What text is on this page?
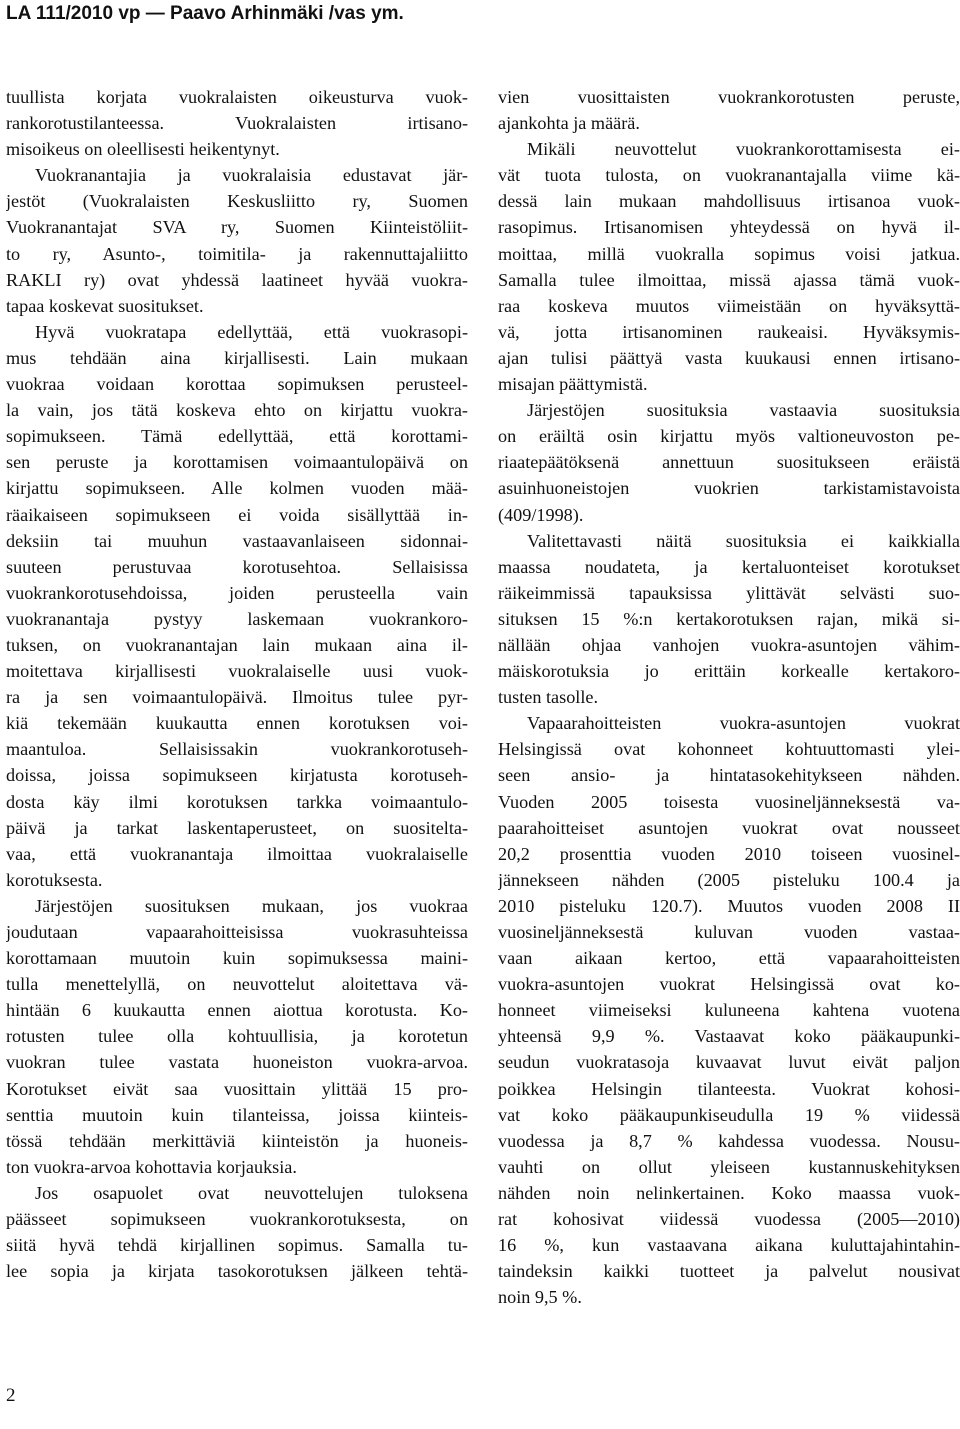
LA 111/2010 vp — Paavo Arhinmäki /vas ym.
tuullista korjata vuokralaisten oikeusturva vuok-
rankorotustilanteessa. Vuokralaisten irtisano-
misoikeus on oleellisesti heikentynyt.
Vuokranantajia ja vuokralaisia edustavat jär-
jestöt (Vuokralaisten Keskusliitto ry, Suomen
Vuokranantajat SVA ry, Suomen Kiinteistöliit-
to ry, Asunto-, toimitila- ja rakennuttajaliitto
RAKLI ry) ovat yhdessä laatineet hyvää vuokra-
tapaa koskevat suositukset.
Hyvä vuokratapa edellyttää, että vuokrasopi-
mus tehdään aina kirjallisesti. Lain mukaan
vuokraa voidaan korottaa sopimuksen perusteel-
la vain, jos tätä koskeva ehto on kirjattu vuokra-
sopimukseen. Tämä edellyttää, että korottami-
sen peruste ja korottamisen voimaantulopäivä on
kirjattu sopimukseen. Alle kolmen vuoden mää-
räaikaiseen sopimukseen ei voida sisällyttää in-
deksiin tai muuhun vastaavanlaiseen sidonnai-
suuteen perustuvaa korotusehtoa. Sellaisissa
vuokrankorotusehdoissa, joiden perusteella vain
vuokranantaja pystyy laskemaan vuokrankoro-
tuksen, on vuokranantajan lain mukaan aina il-
moitettava kirjallisesti vuokralaiselle uusi vuok-
ra ja sen voimaantulopäivä. Ilmoitus tulee pyr-
kiä tekemään kuukautta ennen korotuksen voi-
maantuloa. Sellaisissakin vuokrankorotuseh-
doissa, joissa sopimukseen kirjatusta korotuseh-
dosta käy ilmi korotuksen tarkka voimaantulo-
päivä ja tarkat laskentaperusteet, on suositeltа-
vaa, että vuokranantaja ilmoittaa vuokralaiselle
korotuksesta.
Järjestöjen suosituksen mukaan, jos vuokraa
joudutaan vapaarahoitteisissa vuokrasuhteissa
korottamaan muutoin kuin sopimuksessa maini-
tulla menettelyllä, on neuvottelut aloitettava vä-
hintään 6 kuukautta ennen aiottua korotusta. Ko-
rotusten tulee olla kohtuullisia, ja korotetun
vuokran tulee vastata huoneiston vuokra-arvoa.
Korotukset eivät saa vuosittain ylittää 15 pro-
senttia muutoin kuin tilanteissa, joissa kiinteis-
tössä tehdään merkittäviä kiinteistön ja huoneis-
ton vuokra-arvoa kohottavia korjauksia.
Jos osapuolet ovat neuvottelujen tuloksena
päässeet sopimukseen vuokrankorotuksesta, on
siitä hyvä tehdä kirjallinen sopimus. Samalla tu-
lee sopia ja kirjata tasokorotuksen jälkeen tehtä-
vien vuosittaisten vuokrankorotusten peruste,
ajankohta ja määrä.
Mikäli neuvottelut vuokrankorottamisesta ei-
vät tuota tulosta, on vuokranantajalla viime kä-
dessä lain mukaan mahdollisuus irtisanoa vuok-
rasopimus. Irtisanomisen yhteydessä on hyvä il-
moittaa, millä vuokralla sopimus voisi jatkua.
Samalla tulee ilmoittaa, missä ajassa tämä vuok-
raa koskeva muutos viimeistään on hyväksyttä-
vä, jotta irtisanominen raukeaisi. Hyväksymis-
ajan tulisi päättyä vasta kuukausi ennen irtisano-
misajan päättymistä.
Järjestöjen suosituksia vastaavia suosituksia
on eräiltä osin kirjattu myös valtioneuvoston pe-
riaatepäätöksenä annettuun suositukseen eräistä
asuinhuoneistojen vuokrien tarkistamistavoista
(409/1998).
Valitettavasti näitä suosituksia ei kaikkialla
maassa noudateta, ja kertaluonteiset korotukset
räikeimmissä tapauksissa ylittävät selvästi suo-
situksen 15 %:n kertakorotuksen rajan, mikä si-
nällään ohjaa vanhojen vuokra-asuntojen vähim-
mäiskorotuksia jo erittäin korkealle kertakoro-
tusten tasolle.
Vapaarahoitteisten vuokra-asuntojen vuokrat
Helsingissä ovat kohonneet kohtuuttomasti ylei-
seen ansio- ja hintatasokehitykseen nähden.
Vuoden 2005 toisesta vuosineljänneksestä va-
paarahoitteiset asuntojen vuokrat ovat nousseet
20,2 prosenttia vuoden 2010 toiseen vuosinel-
jännekseen nähden (2005 pisteluku 100.4 ja
2010 pisteluku 120.7). Muutos vuoden 2008 II
vuosineljänneksestä kuluvan vuoden vastaa-
vaan aikaan kertoo, että vapaarahoitteisten
vuokra-asuntojen vuokrat Helsingissä ovat ko-
honneet viimeiseksi kuluneena kahtena vuotena
yhteensä 9,9 %. Vastaavat koko pääkaupunki-
seudun vuokratasoja kuvaavat luvut eivät paljon
poikkea Helsingin tilanteesta. Vuokrat kohosi-
vat koko pääkaupunkiseudulla 19 % viidessä
vuodessa ja 8,7 % kahdessa vuodessa. Nousu-
vauhti on ollut yleiseen kustannuskehityksen
nähden noin nelinkertainen. Koko maassa vuok-
rat kohosivat viidessä vuodessa (2005—2010)
16 %, kun vastaavana aikana kuluttajahintahin-
taindeksin kaikki tuotteet ja palvelut nousivat
noin 9,5 %.
2
